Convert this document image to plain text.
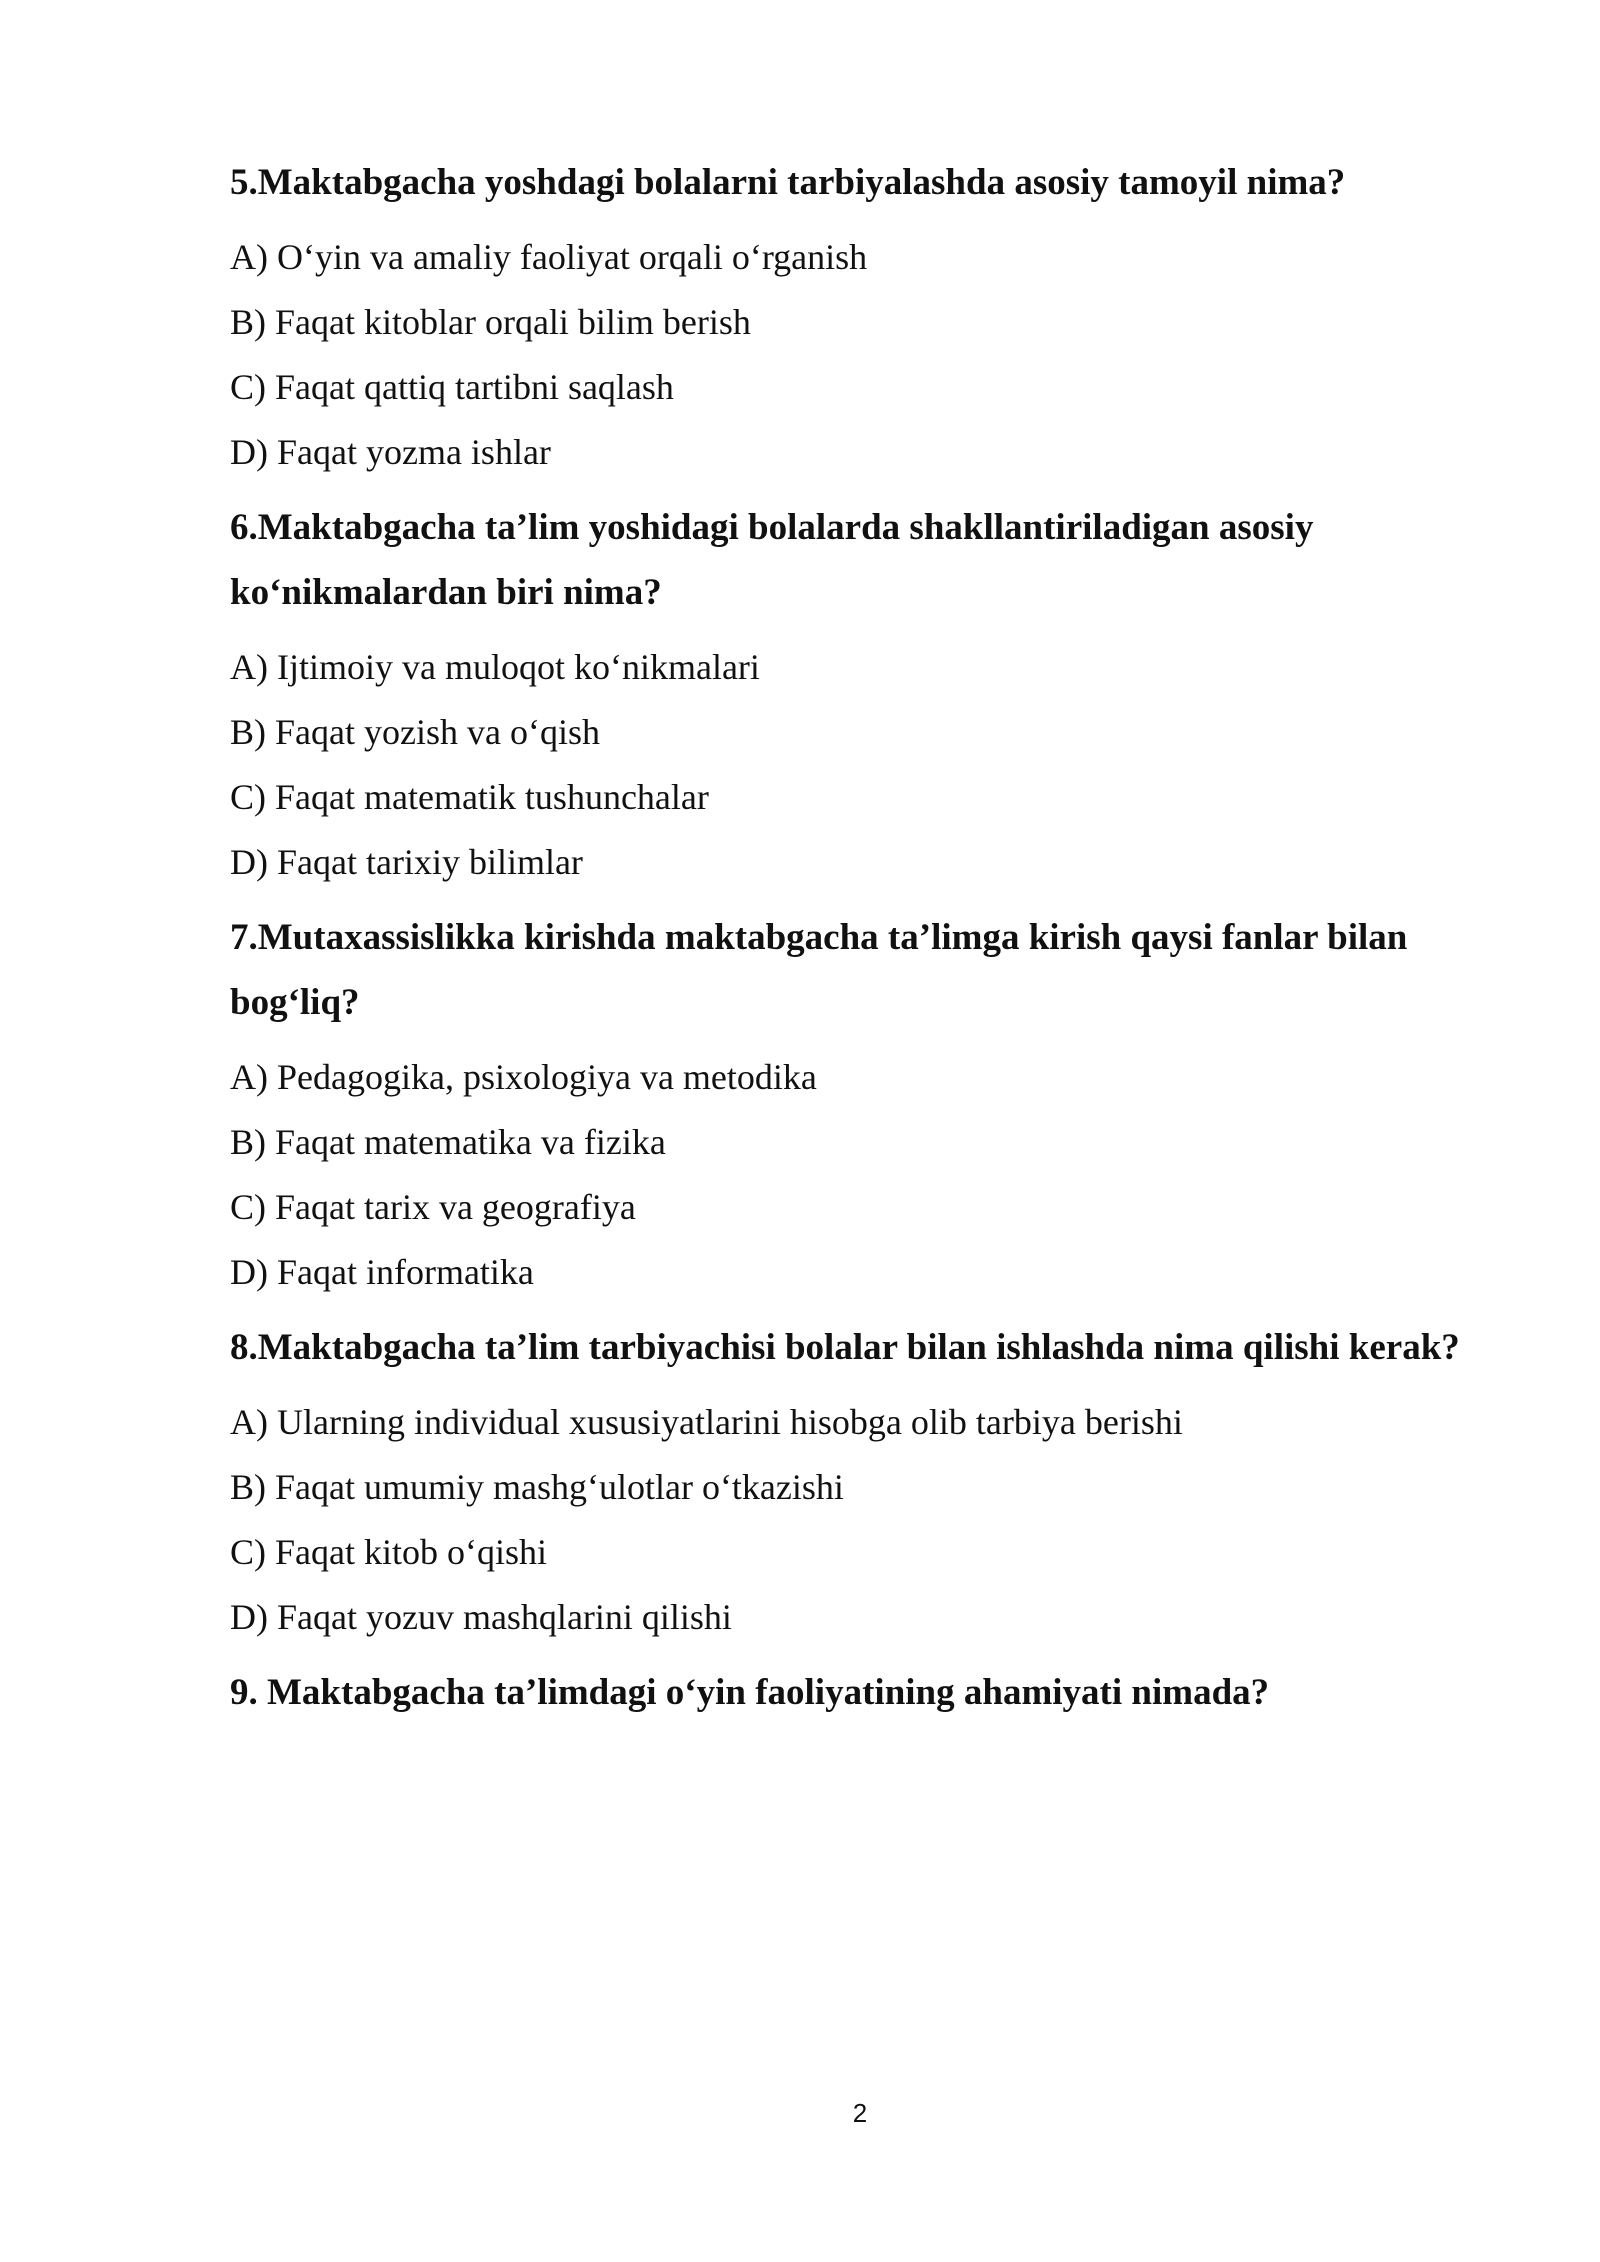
5.Maktabgacha yoshdagi bolalarni tarbiyalashda asosiy tamoyil nima?

A) O‘yin va amaliy faoliyat orqali o‘rganish
B) Faqat kitoblar orqali bilim berish
C) Faqat qattiq tartibni saqlash
D) Faqat yozma ishlar

6.Maktabgacha ta’lim yoshidagi bolalarda shakllantiriladigan asosiy ko‘nikmalardan biri nima?

A) Ijtimoiy va muloqot ko‘nikmalari
B) Faqat yozish va o‘qish
C) Faqat matematik tushunchalar
D) Faqat tarixiy bilimlar

7.Mutaxassislikka kirishda maktabgacha ta’limga kirish qaysi fanlar bilan bog‘liq?

A) Pedagogika, psixologiya va metodika
B) Faqat matematika va fizika
C) Faqat tarix va geografiya
D) Faqat informatika

8.Maktabgacha ta’lim tarbiyachisi bolalar bilan ishlashda nima qilishi kerak?

A) Ularning individual xususiyatlarini hisobga olib tarbiya berishi
B) Faqat umumiy mashg‘ulotlar o‘tkazishi
C) Faqat kitob o‘qishi
D) Faqat yozuv mashqlarini qilishi

9. Maktabgacha ta’limdagi o‘yin faoliyatining ahamiyati nimada?

2
